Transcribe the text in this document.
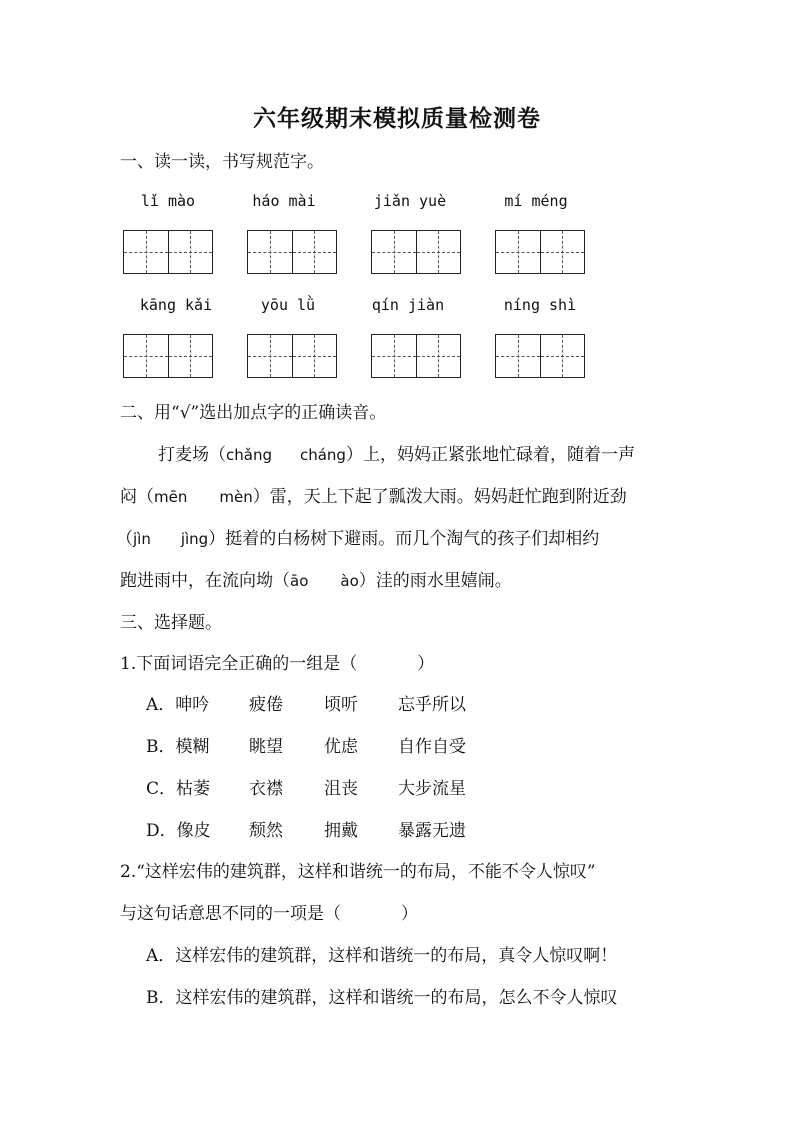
六年级期末模拟质量检测卷
一、读一读，书写规范字。
lǐ mào	háo mài	jiǎn yuè	mí méng
kāng kǎi	yōu lǜ	qín jiàn	níng shì
二、用“√”选出加点字的正确读音。
打麦场（chǎng cháng）上，妈妈正紧张地忙碌着，随着一声
闷（mēn mèn）雷，天上下起了瓢泼大雨。妈妈赶忙跑到附近劲
（jìn jìng）挺着的白杨树下避雨。而几个淘气的孩子们却相约
跑进雨中，在流向坳（āo ào）洼的雨水里嬉闹。
三、选择题。
1.下面词语完全正确的一组是（	）
A．呻吟 疲倦 顷听 忘乎所以
B．模糊 眺望 优虑 自作自受
C．枯萎 衣襟 沮丧 大步流星
D．像皮 颓然 拥戴 暴露无遗
2.“这样宏伟的建筑群，这样和谐统一的布局，不能不令人惊叹”
与这句话意思不同的一项是（	）
A．这样宏伟的建筑群，这样和谐统一的布局，真令人惊叹啊！
B．这样宏伟的建筑群，这样和谐统一的布局，怎么不令人惊叹
